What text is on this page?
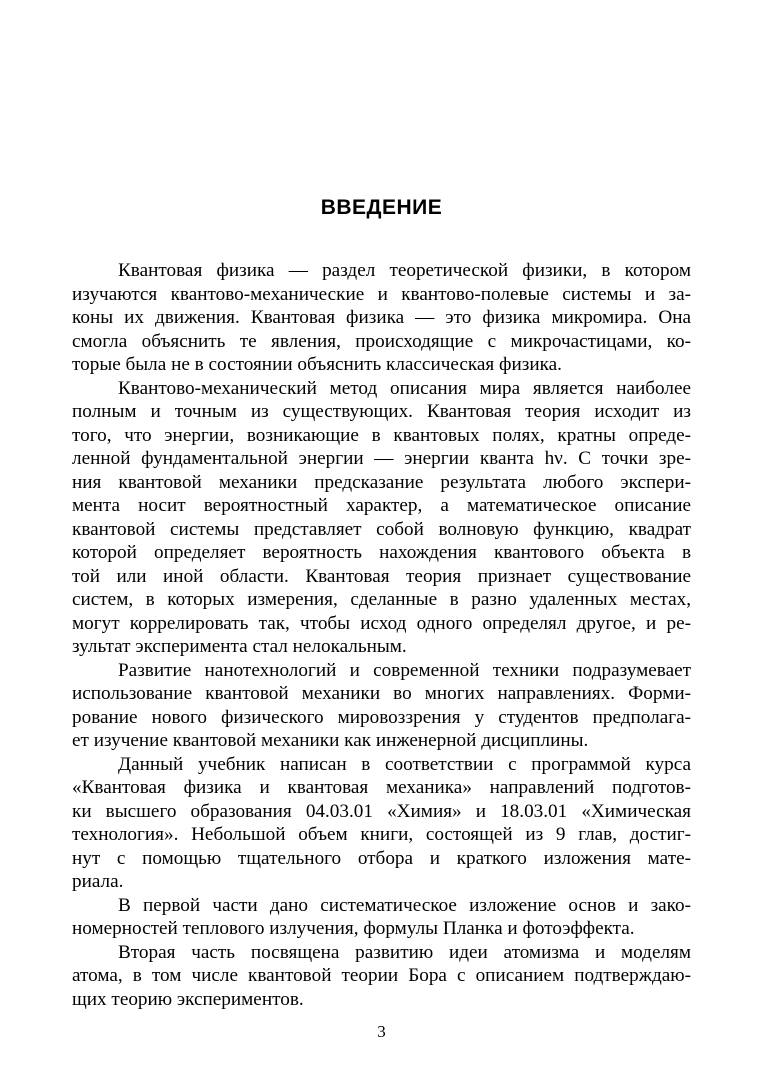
ВВЕДЕНИЕ

Квантовая физика — раздел теоретической физики, в котором
изучаются квантово-механические и квантово-полевые системы и за-
коны их движения. Квантовая физика — это физика микромира. Она
смогла объяснить те явления, происходящие с микрочастицами, ко-
торые была не в состоянии объяснить классическая физика.

Квантово-механический метод описания мира является наиболее
полным и точным из существующих. Квантовая теория исходит из
того, что энергии, возникающие в квантовых полях, кратны опреде-
ленной фундаментальной энергии — энергии кванта hν. С точки зре-
ния квантовой механики предсказание результата любого экспери-
мента носит вероятностный характер, а математическое описание
квантовой системы представляет собой волновую функцию, квадрат
которой определяет вероятность нахождения квантового объекта в
той или иной области. Квантовая теория признает существование
систем, в которых измерения, сделанные в разно удаленных местах,
могут коррелировать так, чтобы исход одного определял другое, и ре-
зультат эксперимента стал нелокальным.

Развитие нанотехнологий и современной техники подразумевает
использование квантовой механики во многих направлениях. Форми-
рование нового физического мировоззрения у студентов предполага-
ет изучение квантовой механики как инженерной дисциплины.

Данный учебник написан в соответствии с программой курса
«Квантовая физика и квантовая механика» направлений подготов-
ки высшего образования 04.03.01 «Химия» и 18.03.01 «Химическая
технология». Небольшой объем книги, состоящей из 9 глав, достиг-
нут с помощью тщательного отбора и краткого изложения мате-
риала.

В первой части дано систематическое изложение основ и зако-
номерностей теплового излучения, формулы Планка и фотоэффекта.

Вторая часть посвящена развитию идеи атомизма и моделям
атома, в том числе квантовой теории Бора с описанием подтверждаю-
щих теорию экспериментов.

3
